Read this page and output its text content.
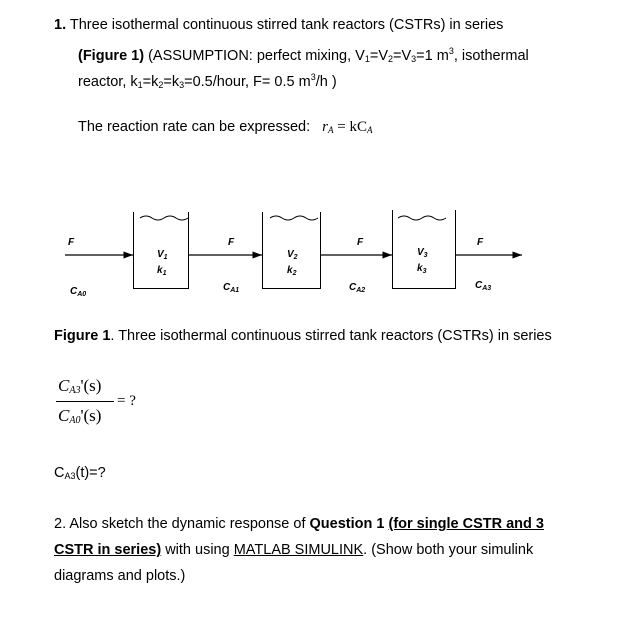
1. Three isothermal continuous stirred tank reactors (CSTRs) in series
(Figure 1) (ASSUMPTION: perfect mixing, $V_1=V_2=V_3=1$ $m^3$, isothermal
reactor, $k_1=k_2=k_3=0.5$/hour, F= 0.5 $m^3/h$ )
The reaction rate can be expressed: $r_A = kC_A$
F	F	F	F
$V_1$
$k_1$
$V_2$
$k_2$
$V_3$
$k_3$
$C_{A0}$
$C_{A1}$	$C_{A2}$	$C_{A3}$
Figure 1. Three isothermal continuous stirred tank reactors (CSTRs) in series
$C_{A3}'(s)$
$C_{A0}'(s)$
= ?
$C_{A3}(t)=$?
2. Also sketch the dynamic response of Question 1 (for single CSTR and 3
CSTR in series) with using MATLAB SIMULINK. (Show both your simulink
diagrams and plots.)
